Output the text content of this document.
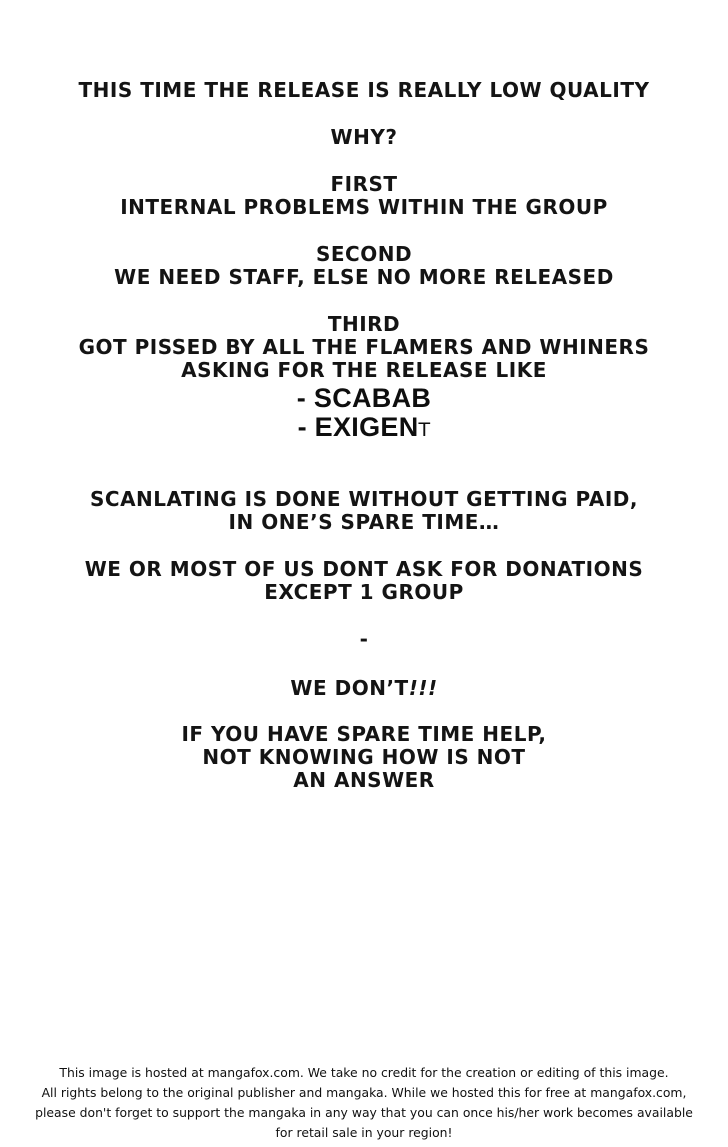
THIS TIME THE RELEASE IS REALLY LOW QUALITY
WHY?
FIRST
INTERNAL PROBLEMS WITHIN THE GROUP
SECOND
WE NEED STAFF, ELSE NO MORE RELEASED
THIRD
GOT PISSED BY ALL THE FLAMERS AND WHINERS
ASKING FOR THE RELEASE LIKE
- SCABAB
- EXIGENT
SCANLATING IS DONE WITHOUT GETTING PAID,
IN ONE’S SPARE TIME…
WE OR MOST OF US DONT ASK FOR DONATIONS
EXCEPT 1 GROUP
-
WE DON’T!!!
IF YOU HAVE SPARE TIME HELP,
NOT KNOWING HOW IS NOT
AN ANSWER
This image is hosted at mangafox.com. We take no credit for the creation or editing of this image.
All rights belong to the original publisher and mangaka. While we hosted this for free at mangafox.com,
please don't forget to support the mangaka in any way that you can once his/her work becomes available
for retail sale in your region!
